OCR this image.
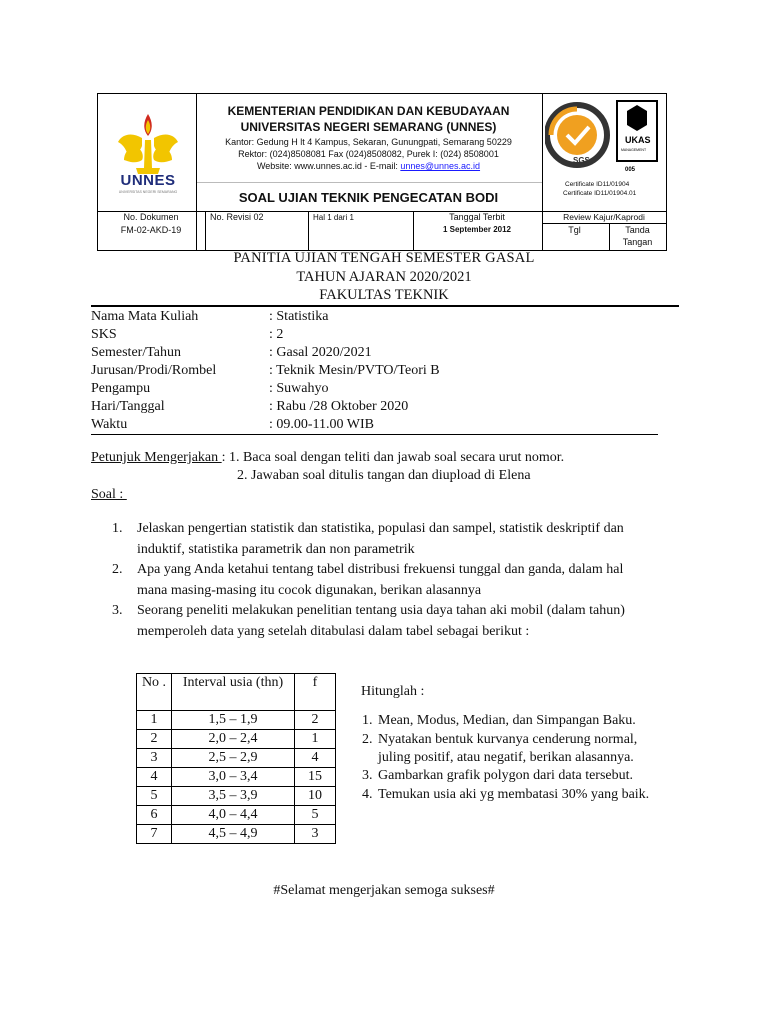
UNNES
UNIVERSITAS NEGERI SEMARANG
KEMENTERIAN PENDIDIKAN DAN KEBUDAYAAN
UNIVERSITAS NEGERI SEMARANG (UNNES)
Kantor: Gedung H lt 4 Kampus, Sekaran, Gunungpati, Semarang 50229
Rektor: (024)8508081 Fax (024)8508082, Purek I: (024) 8508001
Website: www.unnes.ac.id - E-mail: unnes@unnes.ac.id
SOAL UJIAN TEKNIK PENGECATAN BODI
SGS
UKAS
MANAGEMENT
005
Certificate ID11/01904
Certificate ID11/01904.01
No. Dokumen
FM-02-AKD-19
No. Revisi 02	Hal 1 dari 1	Tanggal Terbit
1 September 2012
Review Kajur/Kaprodi
Tgl	Tanda
Tangan
PANITIA UJIAN TENGAH SEMESTER GASAL
TAHUN AJARAN 2020/2021
FAKULTAS TEKNIK
Nama Mata Kuliah	: Statistika
SKS	: 2
Semester/Tahun	: Gasal 2020/2021
Jurusan/Prodi/Rombel	: Teknik Mesin/PVTO/Teori B
Pengampu	: Suwahyo
Hari/Tanggal	: Rabu /28 Oktober 2020
Waktu	: 09.00-11.00 WIB
Petunjuk Mengerjakan : 1. Baca soal dengan teliti dan jawab soal secara urut nomor.
2. Jawaban soal ditulis tangan dan diupload di Elena
Soal :
1. Jelaskan pengertian statistik dan statistika, populasi dan sampel, statistik deskriptif dan
induktif, statistika parametrik dan non parametrik
2. Apa yang Anda ketahui tentang tabel distribusi frekuensi tunggal dan ganda, dalam hal
mana masing-masing itu cocok digunakan, berikan alasannya
3. Seorang peneliti melakukan penelitian tentang usia daya tahan aki mobil (dalam tahun)
memperoleh data yang setelah ditabulasi dalam tabel sebagai berikut :
No .	Interval usia (thn)	f
1	1,5 – 1,9	2
2	2,0 – 2,4	1
3	2,5 – 2,9	4
4	3,0 – 3,4	15
5	3,5 – 3,9	10
6	4,0 – 4,4	5
7	4,5 – 4,9	3
Hitunglah :
1. Mean, Modus, Median, dan Simpangan Baku.
2. Nyatakan bentuk kurvanya cenderung normal,
juling positif, atau negatif, berikan alasannya.
3. Gambarkan grafik polygon dari data tersebut.
4. Temukan usia aki yg membatasi 30% yang baik.
#Selamat mengerjakan semoga sukses#
